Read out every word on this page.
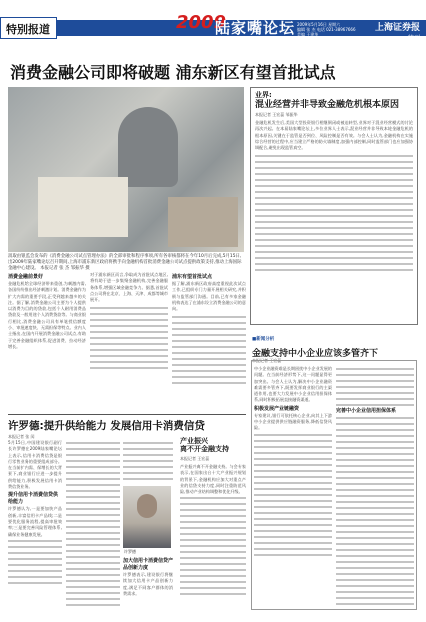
特别报道	2009
陆家嘴论坛 2009年5月16日 星期六
编辑 张 杰 电话 021-38967666
美编 王建华
上海证券报
特刊
消费金融公司即将破题 浦东新区有望首批试点
汲取由银监会发布的《消费金融公司试点管理办法》的全部审批和程序事项,所有各审核都将在今年10月后完成,5月15日,出2009年陆家嘴论坛召开期间,上海市浦东新区政府将携手向金融机构首批消费金融公司试点提供政策支持,推动上海国际金融中心建设。 本报记者 张 杰 邹振华 摄
业界:
混业经营并非导致金融危机根本原因
本报记者 王宏蕊 邹振华
金融危机发生后,美国大型投资银行相继倒闭或被迫转型,业界对于混业经营模式的讨论再次兴起。在本届陆家嘴论坛上,多位业界人士表示,混业经营并非导致本轮金融危机的根本原因,关键在于监管是否到位、风险控制是否有效。与会人士认为,金融机构在实施综合经营的过程中,应当建立严格的防火墙制度,加强内部控制,同时监管部门也应加强协调配合,避免出现监管真空。
消费金融前景好
金融危机给全球经济带来重创,为刺激内需,各国纷纷推出经济刺激计划。消费金融作为扩大内需的重要手段,正受到越来越多的关注。据了解,消费金融公司主要为个人提供以消费为目的的贷款,包括个人耐用消费品贷款及一般用途个人消费贷款等。与商业银行相比,消费金融公司具有单笔授信额度小、审批速度快、无需担保等特点。业内人士指出,在国内开展消费金融公司试点,有助于完善金融组织体系,促进消费、拉动经济增长。
对于浦东新区而言,争取成为首批试点地区,将有助于进一步集聚金融机构,完善金融服务体系,增强区域金融竞争力。据悉,首批试点公司将在北京、上海、天津、成都等城市展开。
浦东有望首批试点
据了解,浦东新区政府高度重视此次试点工作,已组织专门力量开展相关研究,并积极与监管部门沟通。目前,已有多家金融机构表达了在浦东设立消费金融公司的意向。
许罗德:提升供给能力 发展信用卡消费信贷
本报记者 张 闵
5月15日,中国建设银行副行长许罗德在2009陆家嘴论坛上表示,信用卡消费信贷是银行零售业务的重要组成部分。在当前扩内需、保增长的大背景下,商业银行应进一步提升供给能力,积极发展信用卡消费信贷业务。
提升信用卡消费信贷供给能力
许罗德认为,一是要加快产品创新,丰富信用卡产品线;二是要优化服务流程,提高审批效率;三是要完善风险管理体系,确保业务健康发展。
许罗德
加大信用卡消费信贷产品创新力度
许罗德表示,建设银行将继续加大信用卡产品创新力度,满足不同客户群体的消费需求。
产业振兴
离不开金融支持
本报记者 王宏蕊
产业振兴离不开金融支持。与会专家表示,在国家出台十大产业振兴规划的背景下,金融机构应加大对重点产业的信贷支持力度,同时注重防范风险,推动产业结构调整和优化升级。
■新闻分析
金融支持中小企业应该多管齐下
本报记者 王宏蕊
中小企业融资难是长期困扰中小企业发展的问题。在当前经济形势下,这一问题显得更加突出。与会人士认为,解决中小企业融资难需要多管齐下,既要发挥商业银行的主渠道作用,也要大力发展中小企业信用担保体系,同时积极拓展直接融资渠道。
积极发展产业链融资
专家建议,银行可依托核心企业,向其上下游中小企业提供供应链融资服务,降低信贷风险。
完善中小企业信用担保体系
